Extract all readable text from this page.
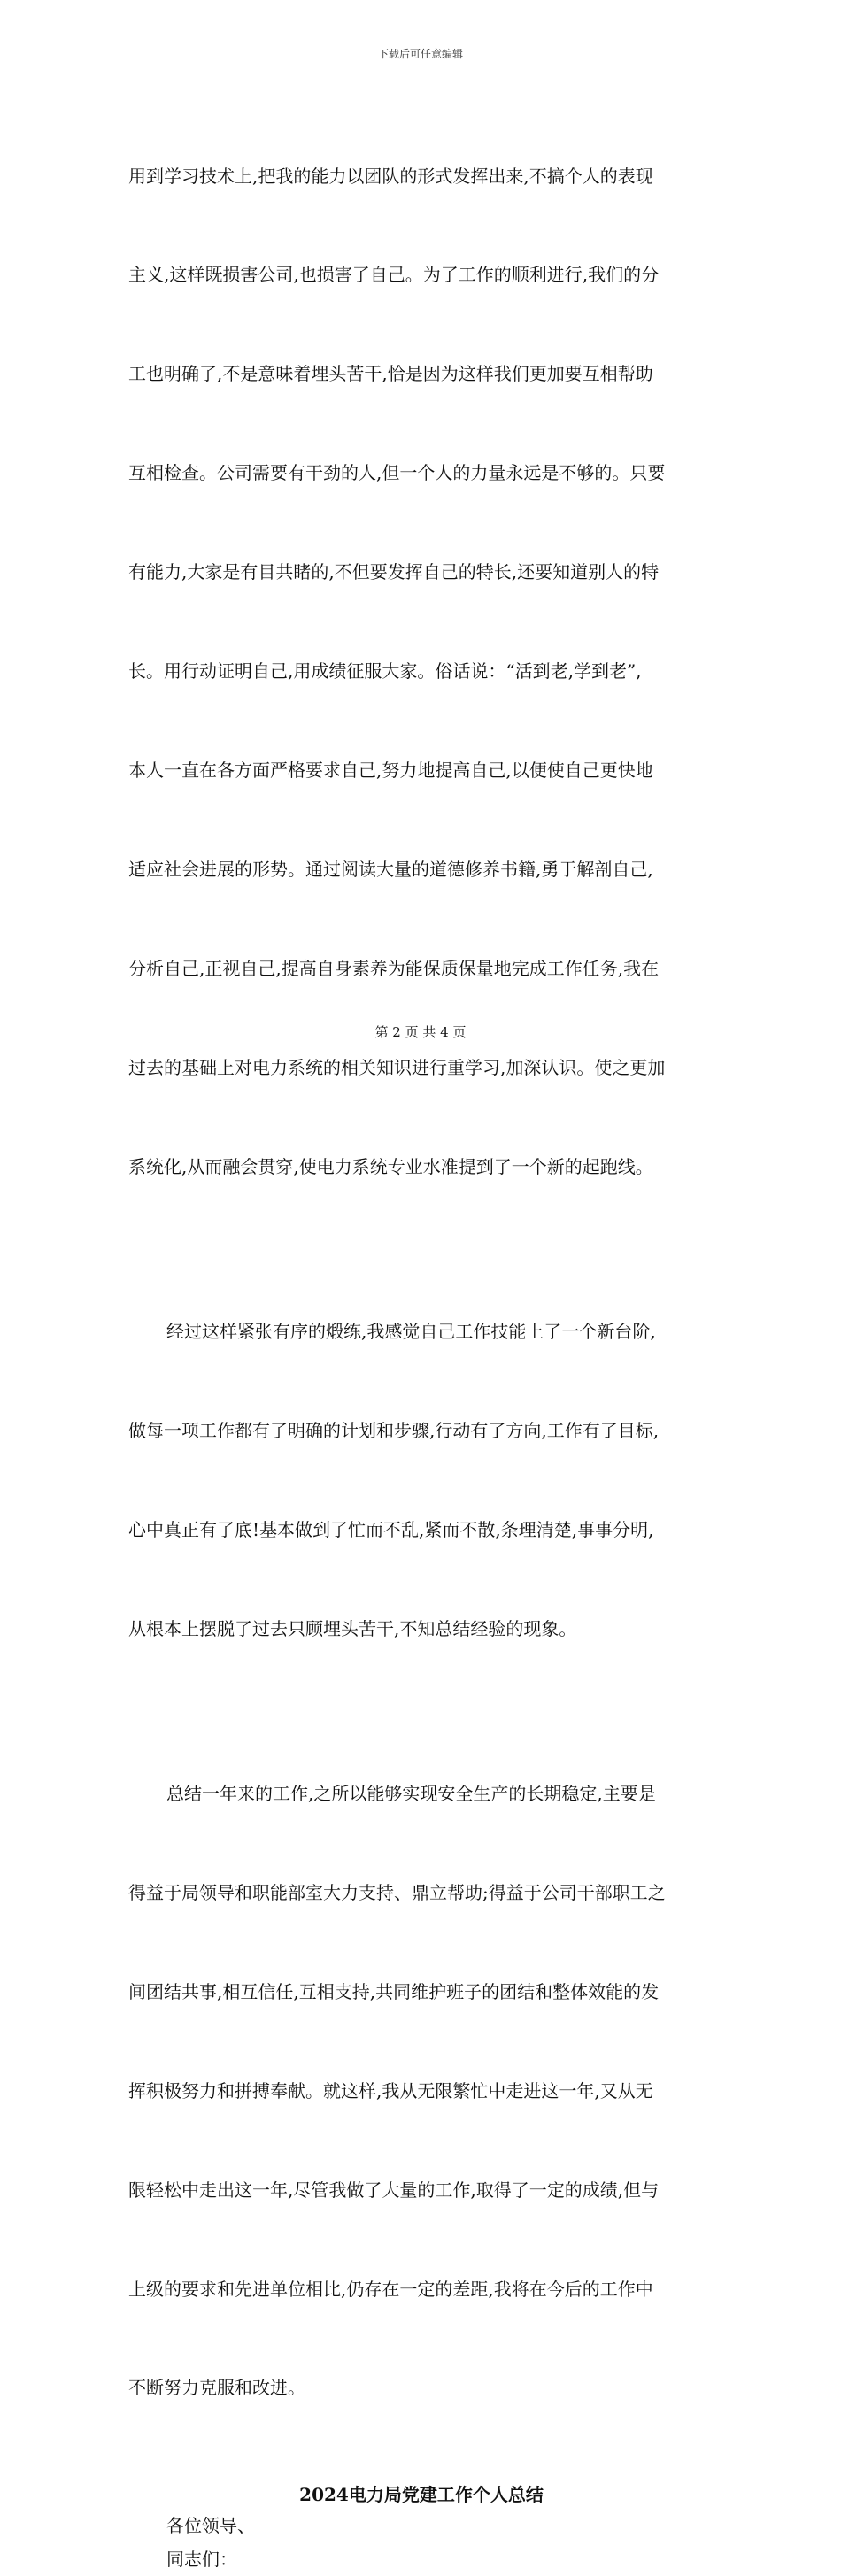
下载后可任意编辑

用到学习技术上,把我的能力以团队的形式发挥出来,不搞个人的表现

主义,这样既损害公司,也损害了自己。为了工作的顺利进行,我们的分

工也明确了,不是意味着埋头苦干,恰是因为这样我们更加要互相帮助

互相检查。公司需要有干劲的人,但一个人的力量永远是不够的。只要

有能力,大家是有目共睹的,不但要发挥自己的特长,还要知道别人的特

长。用行动证明自己,用成绩征服大家。俗话说：“活到老,学到老”,

本人一直在各方面严格要求自己,努力地提高自己,以便使自己更快地

适应社会进展的形势。通过阅读大量的道德修养书籍,勇于解剖自己,

分析自己,正视自己,提高自身素养为能保质保量地完成工作任务,我在

过去的基础上对电力系统的相关知识进行重学习,加深认识。使之更加

系统化,从而融会贯穿,使电力系统专业水准提到了一个新的起跑线。

经过这样紧张有序的煅练,我感觉自己工作技能上了一个新台阶,

做每一项工作都有了明确的计划和步骤,行动有了方向,工作有了目标,

心中真正有了底!基本做到了忙而不乱,紧而不散,条理清楚,事事分明,

从根本上摆脱了过去只顾埋头苦干,不知总结经验的现象。

总结一年来的工作,之所以能够实现安全生产的长期稳定,主要是

得益于局领导和职能部室大力支持、鼎立帮助;得益于公司干部职工之

间团结共事,相互信任,互相支持,共同维护班子的团结和整体效能的发

挥积极努力和拼搏奉献。就这样,我从无限繁忙中走进这一年,又从无

限轻松中走出这一年,尽管我做了大量的工作,取得了一定的成绩,但与

上级的要求和先进单位相比,仍存在一定的差距,我将在今后的工作中

不断努力克服和改进。

2024电力局党建工作个人总结

各位领导、

同志们：

第 2 页 共 4 页
